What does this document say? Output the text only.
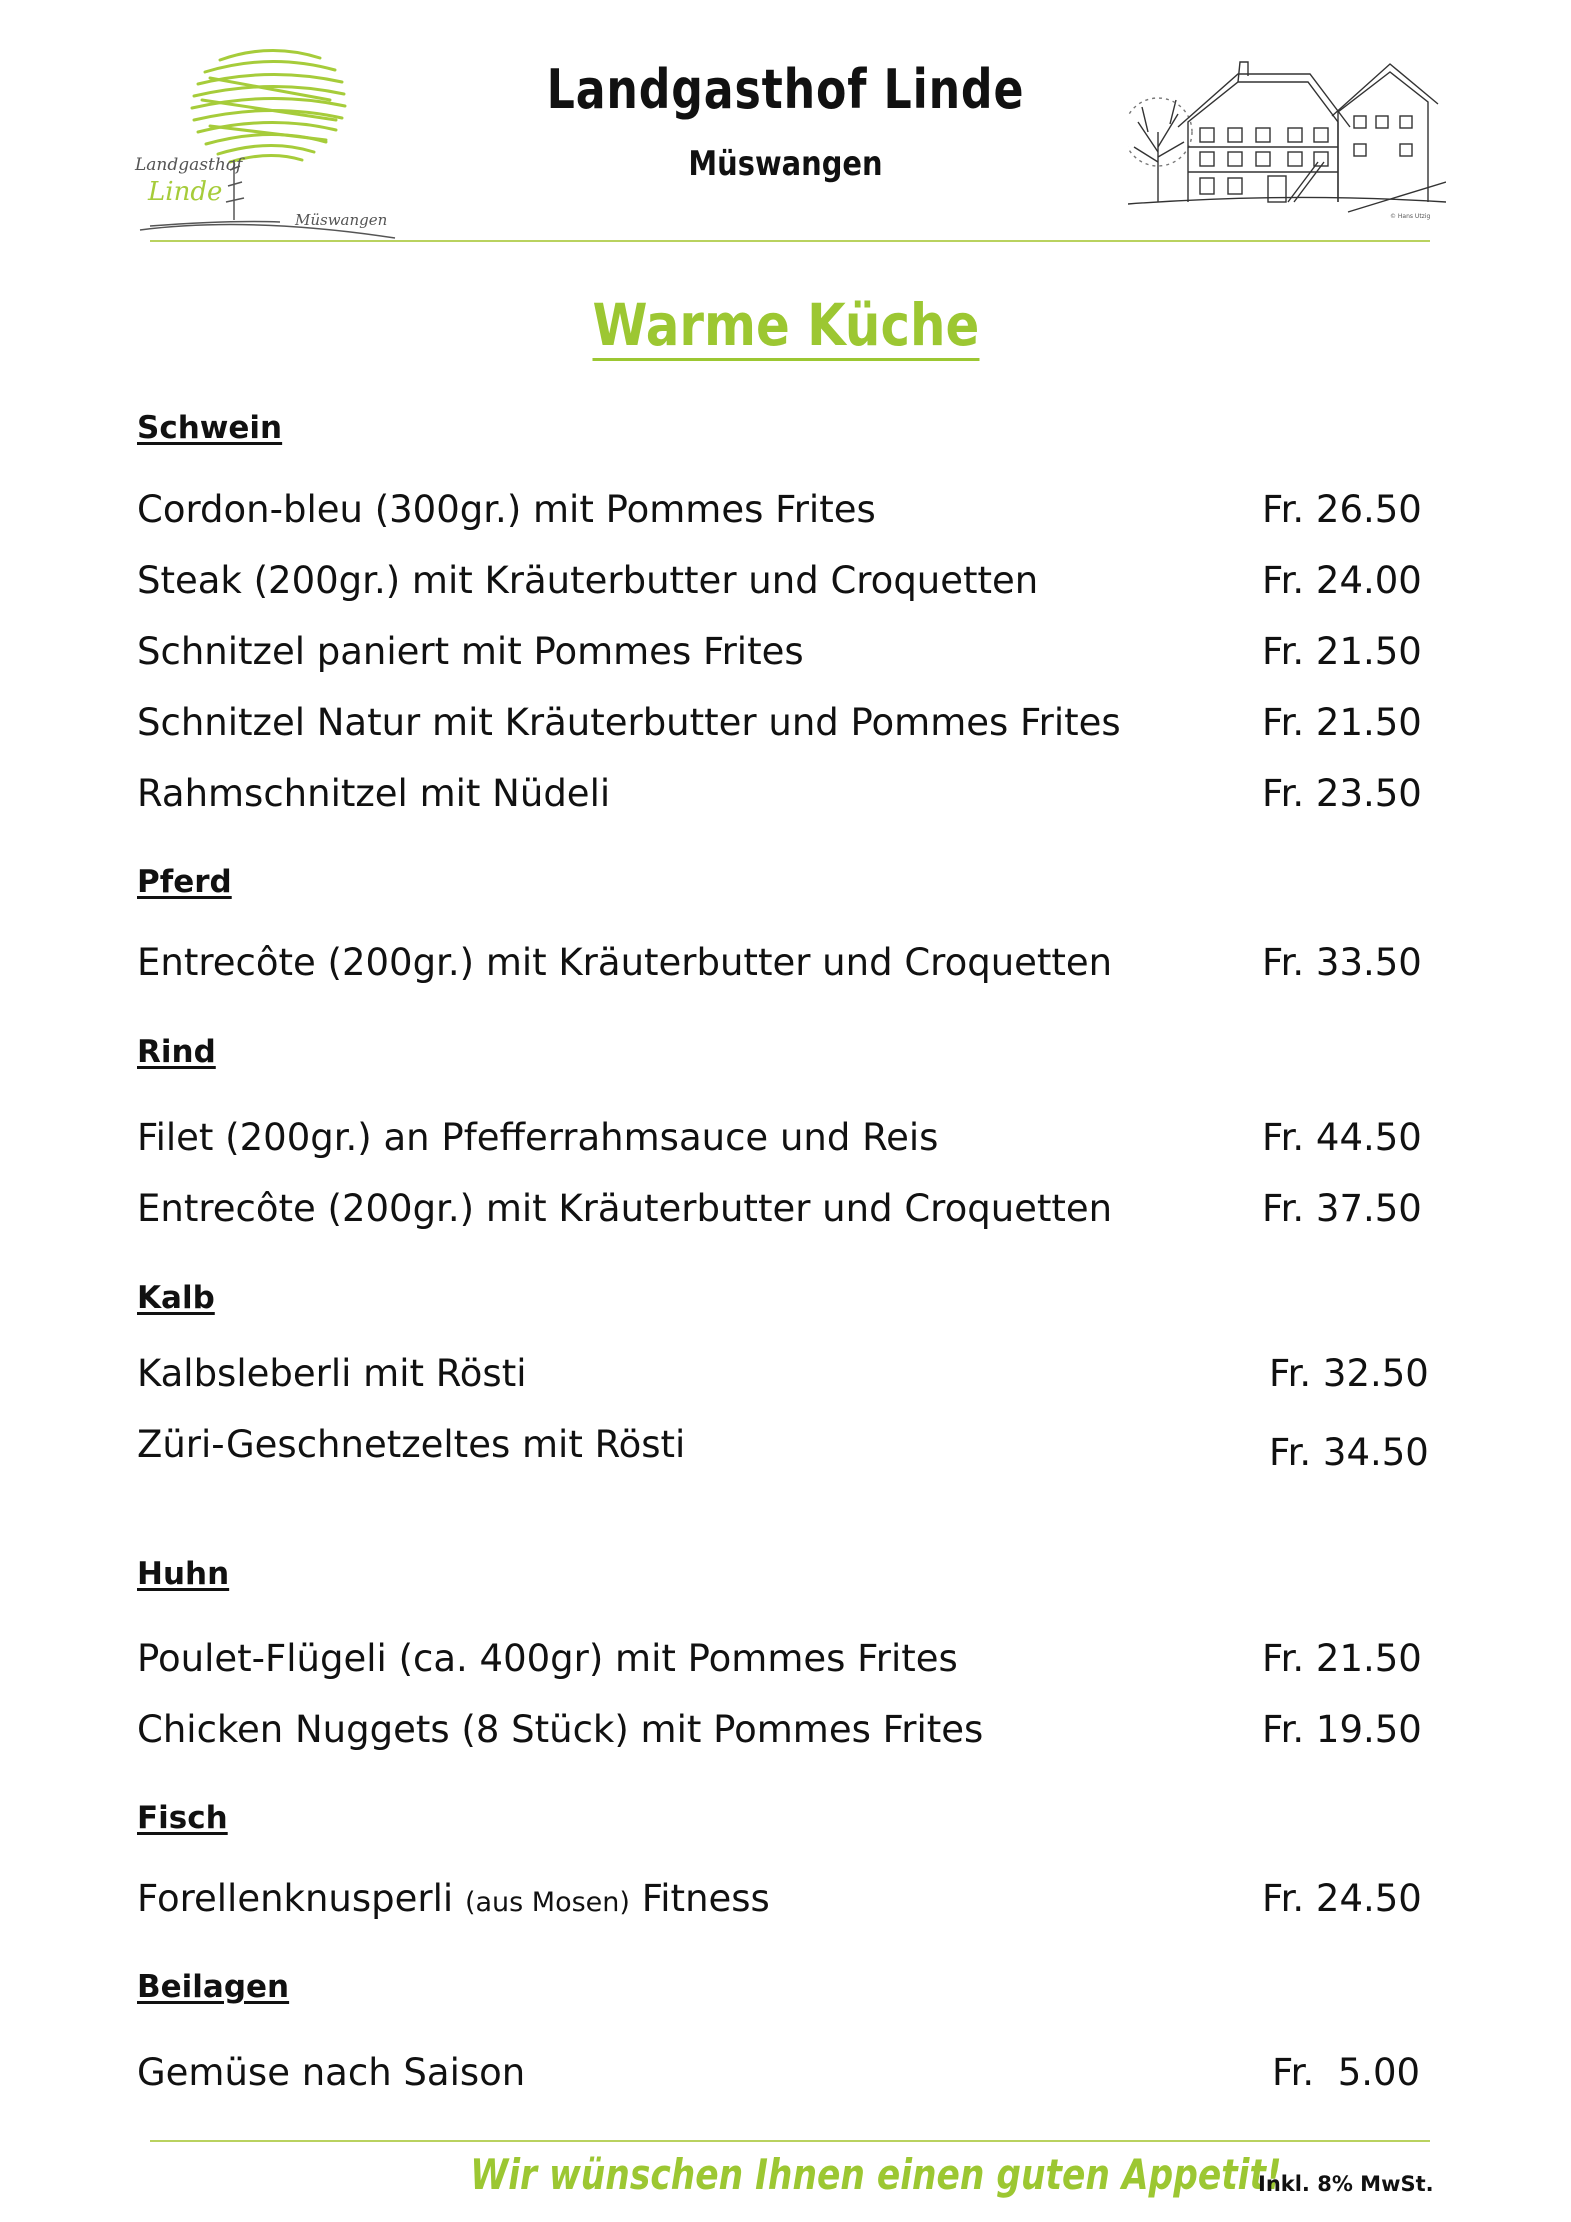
Landgasthof
Linde
Müswangen
Landgasthof Linde
Müswangen
© Hans Utzig
Warme Küche
Schwein
Cordon-bleu (300gr.) mit Pommes Frites	Fr. 26.50
Steak (200gr.) mit Kräuterbutter und Croquetten	Fr. 24.00
Schnitzel paniert mit Pommes Frites	Fr. 21.50
Schnitzel Natur mit Kräuterbutter und Pommes Frites	Fr. 21.50
Rahmschnitzel mit Nüdeli	Fr. 23.50
Pferd
Entrecôte (200gr.) mit Kräuterbutter und Croquetten	Fr. 33.50
Rind
Filet (200gr.) an Pfefferrahmsauce und Reis	Fr. 44.50
Entrecôte (200gr.) mit Kräuterbutter und Croquetten	Fr. 37.50
Kalb
Kalbsleberli mit Rösti	Fr. 32.50
Züri-Geschnetzeltes mit Rösti	Fr. 34.50
Huhn
Poulet-Flügeli (ca. 400gr) mit Pommes Frites	Fr. 21.50
Chicken Nuggets (8 Stück) mit Pommes Frites	Fr. 19.50
Fisch
Forellenknusperli (aus Mosen) Fitness	Fr. 24.50
Beilagen
Gemüse nach Saison	Fr.  5.00
Wir wünschen Ihnen einen guten Appetit!
Inkl. 8% MwSt.
